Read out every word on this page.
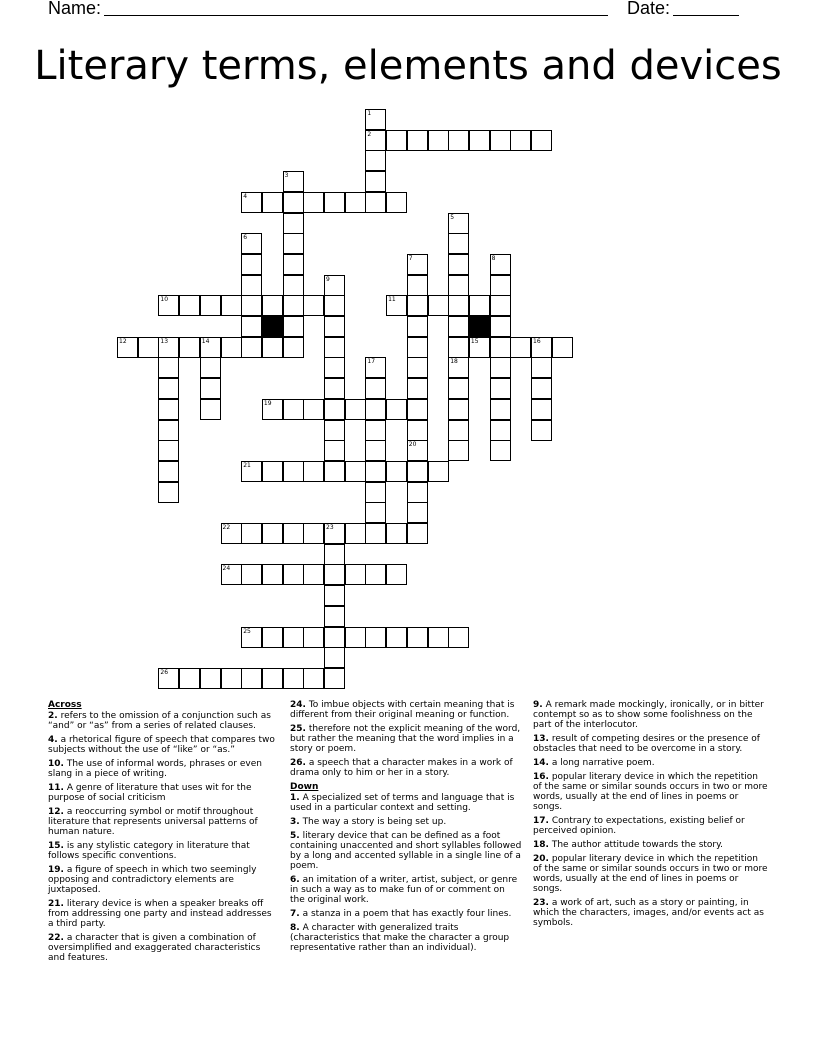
Name:	Date:
Literary terms, elements and devices
1
2
3
4
5
18
6
7	8
9
10	11
12	13	14	15	16
17
19
20
21
22	23
24
25
26
Across
2. refers to the omission of a conjunction such as “and” or “as” from a series of related clauses.
4. a rhetorical figure of speech that compares two subjects without the use of “like” or “as.”
10. The use of informal words, phrases or even slang in a piece of writing.
11. A genre of literature that uses wit for the purpose of social criticism
12. a reoccurring symbol or motif throughout literature that represents universal patterns of human nature.
15. is any stylistic category in literature that follows specific conventions.
19. a figure of speech in which two seemingly opposing and contradictory elements are juxtaposed.
21. literary device is when a speaker breaks off from addressing one party and instead addresses a third party.
22. a character that is given a combination of oversimplified and exaggerated characteristics and features.
24. To imbue objects with certain meaning that is different from their original meaning or function.
25. therefore not the explicit meaning of the word, but rather the meaning that the word implies in a story or poem.
26. a speech that a character makes in a work of drama only to him or her in a story.
Down
1. A specialized set of terms and language that is used in a particular context and setting.
3. The way a story is being set up.
5. literary device that can be defined as a foot containing unaccented and short syllables followed by a long and accented syllable in a single line of a poem.
6. an imitation of a writer, artist, subject, or genre in such a way as to make fun of or comment on the original work.
7. a stanza in a poem that has exactly four lines.
8. A character with generalized traits (characteristics that make the character a group representative rather than an individual).
9. A remark made mockingly, ironically, or in bitter contempt so as to show some foolishness on the part of the interlocutor.
13. result of competing desires or the presence of obstacles that need to be overcome in a story.
14. a long narrative poem.
16. popular literary device in which the repetition of the same or similar sounds occurs in two or more words, usually at the end of lines in poems or songs.
17. Contrary to expectations, existing belief or perceived opinion.
18. The author attitude towards the story.
20. popular literary device in which the repetition of the same or similar sounds occurs in two or more words, usually at the end of lines in poems or songs.
23. a work of art, such as a story or painting, in which the characters, images, and/or events act as symbols.
